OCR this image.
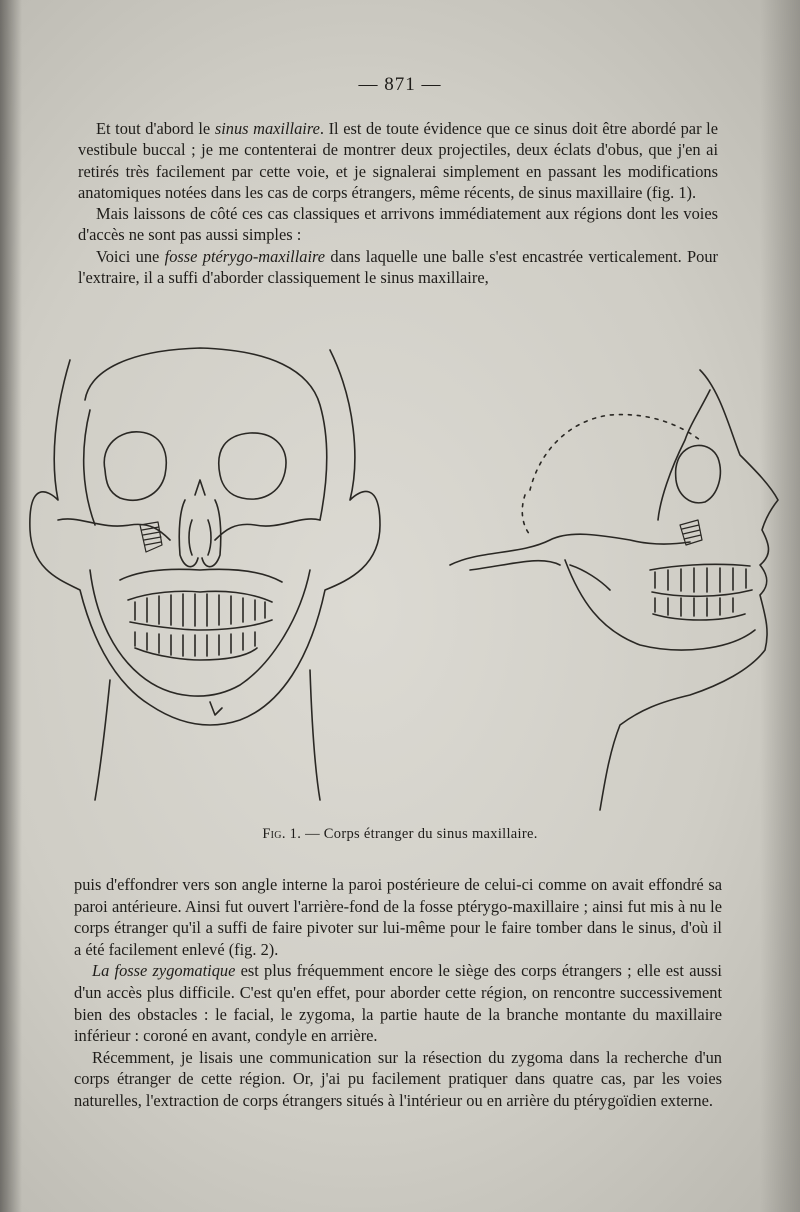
— 871 —

Et tout d'abord le sinus maxillaire. Il est de toute évidence que ce sinus doit être abordé par le vestibule buccal ; je me contenterai de montrer deux projectiles, deux éclats d'obus, que j'en ai retirés très facilement par cette voie, et je signalerai simplement en passant les modifications anatomiques notées dans les cas de corps étrangers, même récents, de sinus maxillaire (fig. 1).

Mais laissons de côté ces cas classiques et arrivons immédiatement aux régions dont les voies d'accès ne sont pas aussi simples :

Voici une fosse ptérygo-maxillaire dans laquelle une balle s'est encastrée verticalement. Pour l'extraire, il a suffi d'aborder classiquement le sinus maxillaire,

Fig. 1. — Corps étranger du sinus maxillaire.

puis d'effondrer vers son angle interne la paroi postérieure de celui-ci comme on avait effondré sa paroi antérieure. Ainsi fut ouvert l'arrière-fond de la fosse ptérygo-maxillaire ; ainsi fut mis à nu le corps étranger qu'il a suffi de faire pivoter sur lui-même pour le faire tomber dans le sinus, d'où il a été facilement enlevé (fig. 2).

La fosse zygomatique est plus fréquemment encore le siège des corps étrangers ; elle est aussi d'un accès plus difficile. C'est qu'en effet, pour aborder cette région, on rencontre successivement bien des obstacles : le facial, le zygoma, la partie haute de la branche montante du maxillaire inférieur : coroné en avant, condyle en arrière.

Récemment, je lisais une communication sur la résection du zygoma dans la recherche d'un corps étranger de cette région. Or, j'ai pu facilement pratiquer dans quatre cas, par les voies naturelles, l'extraction de corps étrangers situés à l'intérieur ou en arrière du ptérygoïdien externe.
